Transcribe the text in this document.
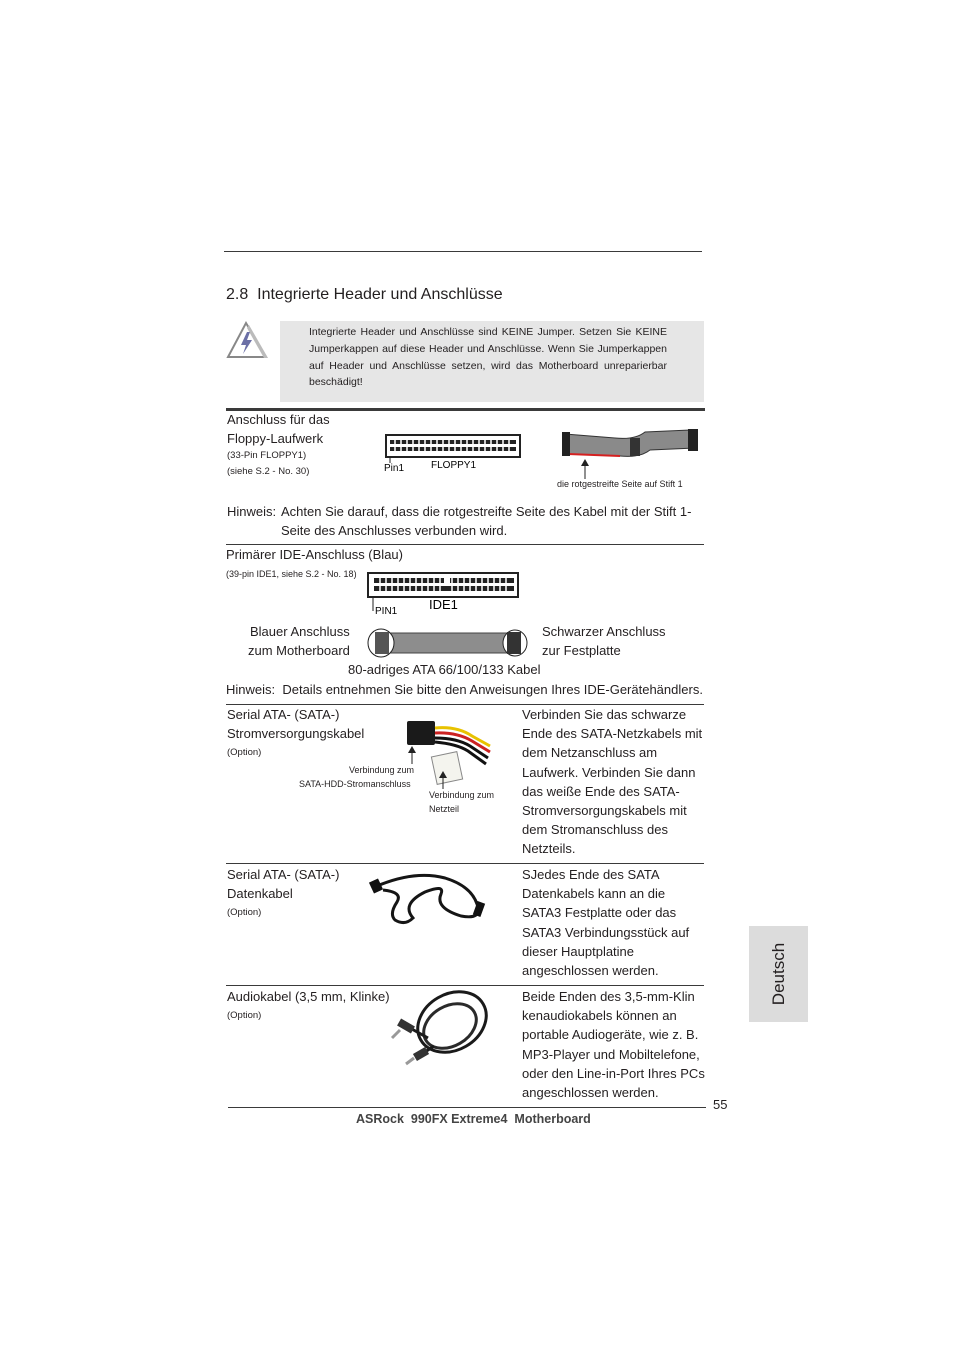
2.8  Integrierte Header und Anschlüsse
Integrierte Header und Anschlüsse sind KEINE Jumper. Setzen Sie KEINE Jumperkappen auf diese Header und Anschlüsse. Wenn Sie Jumperkappen auf Header und Anschlüsse setzen, wird das Motherboard unreparierbar beschädigt!
Anschluss für das
Floppy-Laufwerk
(33-Pin FLOPPY1)
(siehe S.2 - No. 30)	Pin1	FLOPPY1
die rotgestreifte Seite auf Stift 1
Hinweis: Achten Sie darauf, dass die rotgestreifte Seite des Kabel mit der Stift 1-
Seite des Anschlusses verbunden wird.
Primärer IDE-Anschluss (Blau)
(39-pin IDE1, siehe S.2 - No. 18)
PIN1 IDE1
Blauer Anschluss
zum Motherboard
Schwarzer Anschluss
zur Festplatte
80-adriges ATA 66/100/133 Kabel
Hinweis:  Details entnehmen Sie bitte den Anweisungen Ihres IDE-Gerätehändlers.
Serial ATA- (SATA-)
Stromversorgungskabel
(Option)
Verbindung zum
SATA-HDD-Stromanschluss
Verbindung zum
Netzteil
Verbinden Sie das schwarze
Ende des SATA-Netzkabels mit
dem Netzanschluss am
Laufwerk. Verbinden Sie dann
das weiße Ende des SATA-
Stromversorgungskabels mit
dem Stromanschluss des
Netzteils.
Serial ATA- (SATA-)
Datenkabel
(Option)
SJedes Ende des SATA
Datenkabels kann an die
SATA3 Festplatte oder das
SATA3 Verbindungsstück auf
dieser Hauptplatine
angeschlossen werden.
Audiokabel (3,5 mm, Klinke)
(Option)
Beide Enden des 3,5-mm-Klin
kenaudiokabels können an
portable Audiogeräte, wie z. B.
MP3-Player und Mobiltelefone,
oder den Line-in-Port Ihres PCs
angeschlossen werden.
55
ASRock  990FX Extreme4  Motherboard
Deutsch
